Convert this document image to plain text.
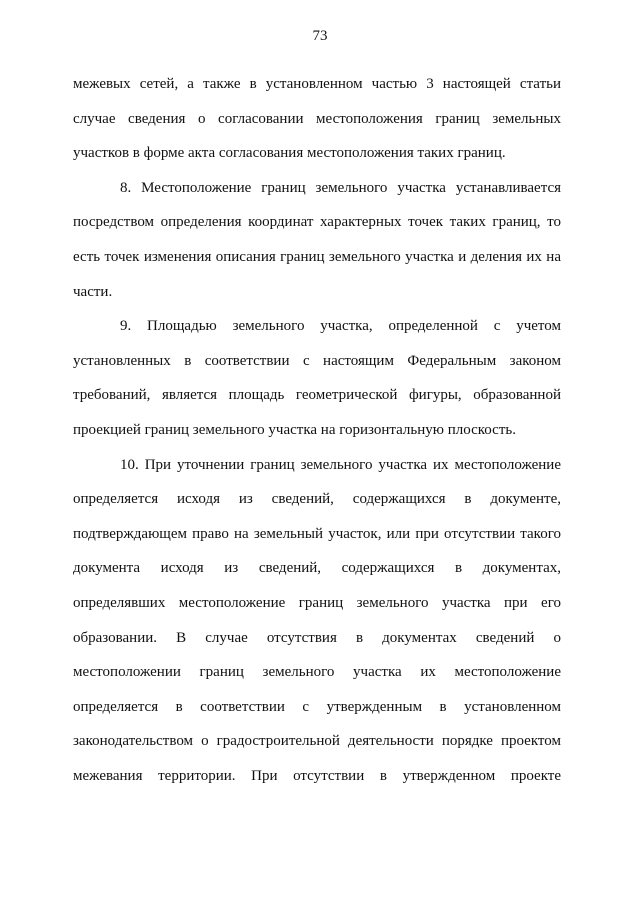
73
межевых сетей, а также в установленном частью 3 настоящей статьи
случае сведения о согласовании местоположения границ земельных
участков в форме акта согласования местоположения таких границ.
8. Местоположение границ земельного участка устанавливается
посредством определения координат характерных точек таких границ, то
есть точек изменения описания границ земельного участка и деления их на
части.
9. Площадью земельного участка, определенной с учетом
установленных в соответствии с настоящим Федеральным законом
требований, является площадь геометрической фигуры, образованной
проекцией границ земельного участка на горизонтальную плоскость.
10. При уточнении границ земельного участка их местоположение
определяется исходя из сведений, содержащихся в документе,
подтверждающем право на земельный участок, или при отсутствии такого
документа исходя из сведений, содержащихся в документах,
определявших местоположение границ земельного участка при его
образовании. В случае отсутствия в документах сведений о
местоположении границ земельного участка их местоположение
определяется в соответствии с утвержденным в установленном
законодательством о градостроительной деятельности порядке проектом
межевания территории. При отсутствии в утвержденном проекте
